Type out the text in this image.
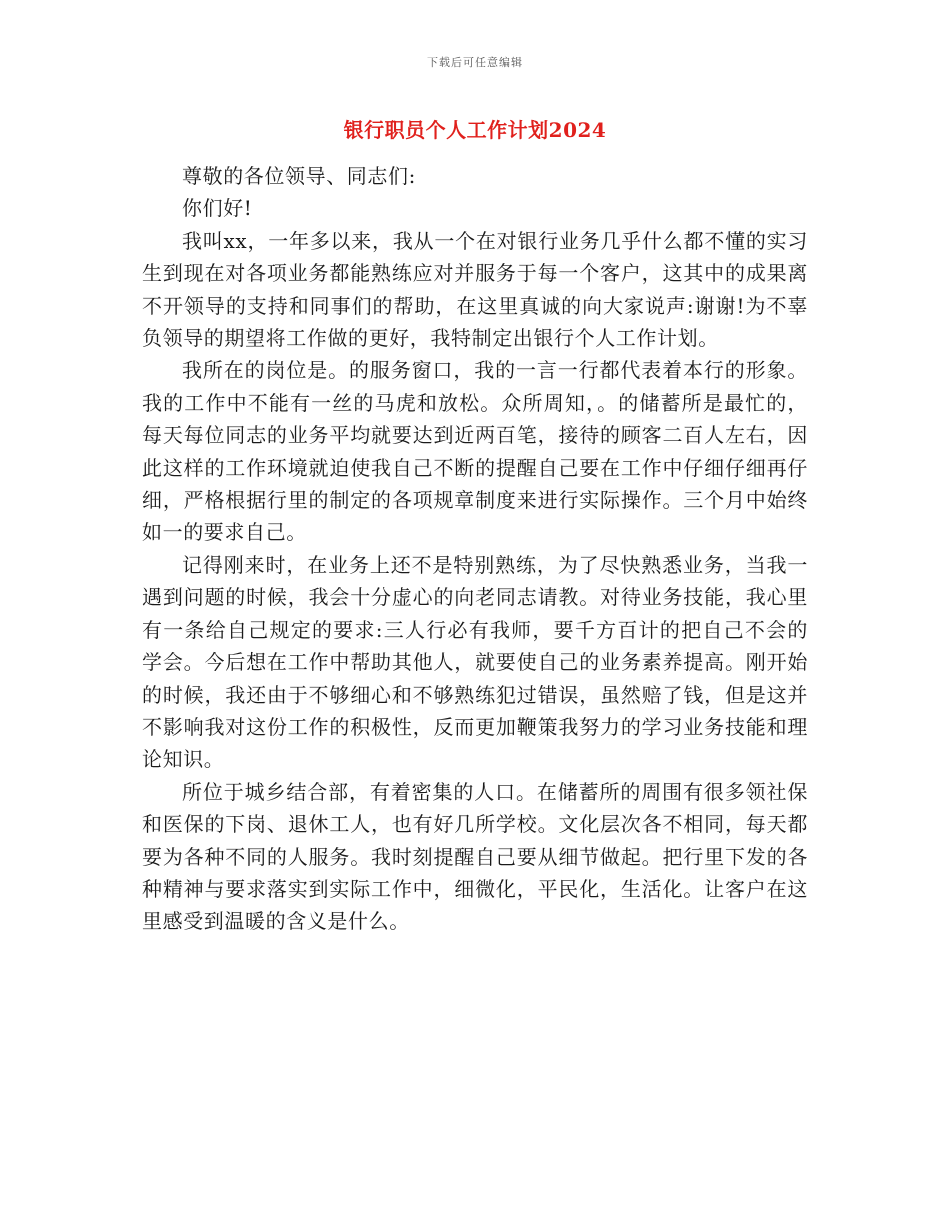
下载后可任意编辑
银行职员个人工作计划2024

尊敬的各位领导、同志们:

你们好!

我叫xx，一年多以来，我从一个在对银行业务几乎什么都不懂的实习生到现在对各项业务都能熟练应对并服务于每一个客户，这其中的成果离不开领导的支持和同事们的帮助，在这里真诚的向大家说声:谢谢!为不辜负领导的期望将工作做的更好，我特制定出银行个人工作计划。

我所在的岗位是。的服务窗口，我的一言一行都代表着本行的形象。我的工作中不能有一丝的马虎和放松。众所周知，。的储蓄所是最忙的，每天每位同志的业务平均就要达到近两百笔，接待的顾客二百人左右，因此这样的工作环境就迫使我自己不断的提醒自己要在工作中仔细仔细再仔细，严格根据行里的制定的各项规章制度来进行实际操作。三个月中始终如一的要求自己。

记得刚来时，在业务上还不是特别熟练，为了尽快熟悉业务，当我一遇到问题的时候，我会十分虚心的向老同志请教。对待业务技能，我心里有一条给自己规定的要求:三人行必有我师，要千方百计的把自己不会的学会。今后想在工作中帮助其他人，就要使自己的业务素养提高。刚开始的时候，我还由于不够细心和不够熟练犯过错误，虽然赔了钱，但是这并不影响我对这份工作的积极性，反而更加鞭策我努力的学习业务技能和理论知识。

所位于城乡结合部，有着密集的人口。在储蓄所的周围有很多领社保和医保的下岗、退休工人，也有好几所学校。文化层次各不相同，每天都要为各种不同的人服务。我时刻提醒自己要从细节做起。把行里下发的各种精神与要求落实到实际工作中，细微化，平民化，生活化。让客户在这里感受到温暖的含义是什么。
